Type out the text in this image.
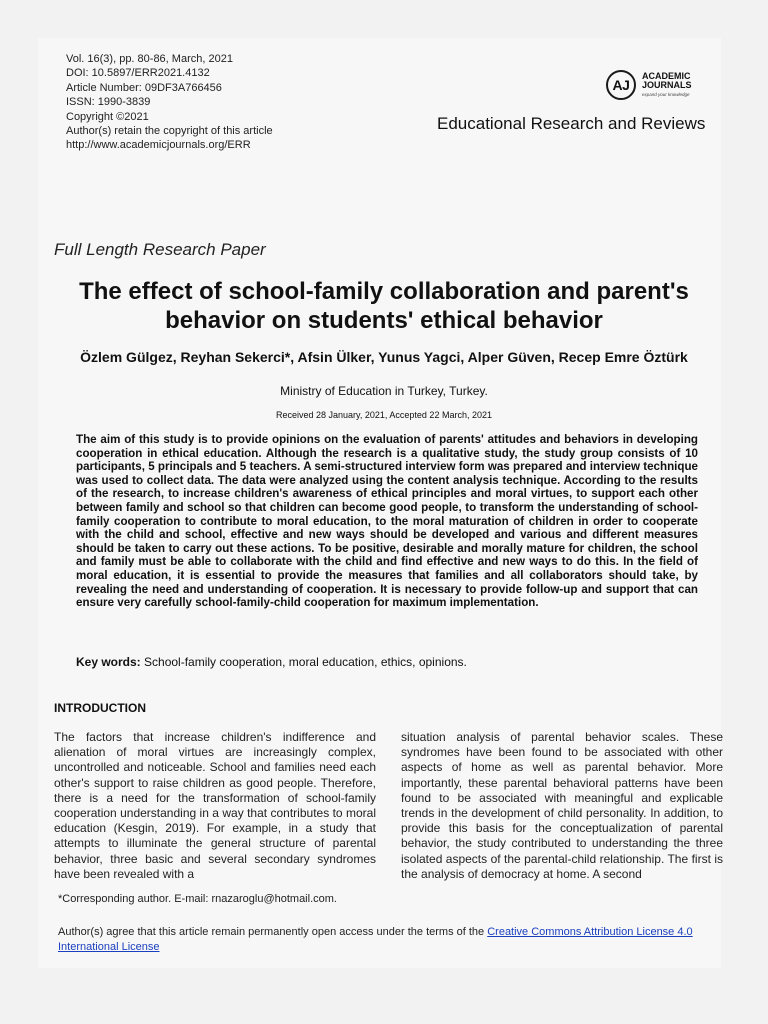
Vol. 16(3), pp. 80-86, March, 2021
DOI: 10.5897/ERR2021.4132
Article Number: 09DF3A766456
ISSN: 1990-3839
Copyright ©2021
Author(s) retain the copyright of this article
http://www.academicjournals.org/ERR
AJ
ACADEMIC
JOURNALS
expand your knowledge
Educational Research and Reviews
Full Length Research Paper
The effect of school-family collaboration and parent's behavior on students' ethical behavior
Özlem Gülgez, Reyhan Sekerci*, Afsin Ülker, Yunus Yagci, Alper Güven, Recep Emre Öztürk
Ministry of Education in Turkey, Turkey.
Received 28 January, 2021, Accepted 22 March, 2021
The aim of this study is to provide opinions on the evaluation of parents' attitudes and behaviors in developing cooperation in ethical education. Although the research is a qualitative study, the study group consists of 10 participants, 5 principals and 5 teachers. A semi-structured interview form was prepared and interview technique was used to collect data. The data were analyzed using the content analysis technique. According to the results of the research, to increase children's awareness of ethical principles and moral virtues, to support each other between family and school so that children can become good people, to transform the understanding of school-family cooperation to contribute to moral education, to the moral maturation of children in order to cooperate with the child and school, effective and new ways should be developed and various and different measures should be taken to carry out these actions. To be positive, desirable and morally mature for children, the school and family must be able to collaborate with the child and find effective and new ways to do this. In the field of moral education, it is essential to provide the measures that families and all collaborators should take, by revealing the need and understanding of cooperation. It is necessary to provide follow-up and support that can ensure very carefully school-family-child cooperation for maximum implementation.
Key words: School-family cooperation, moral education, ethics, opinions.
INTRODUCTION
The factors that increase children's indifference and alienation of moral virtues are increasingly complex, uncontrolled and noticeable. School and families need each other's support to raise children as good people. Therefore, there is a need for the transformation of school-family cooperation understanding in a way that contributes to moral education (Kesgin, 2019). For example, in a study that attempts to illuminate the general structure of parental behavior, three basic and several secondary syndromes have been revealed with a
situation analysis of parental behavior scales. These syndromes have been found to be associated with other aspects of home as well as parental behavior. More importantly, these parental behavioral patterns have been found to be associated with meaningful and explicable trends in the development of child personality. In addition, to provide this basis for the conceptualization of parental behavior, the study contributed to understanding the three isolated aspects of the parental-child relationship. The first is the analysis of democracy at home. A second
*Corresponding author. E-mail: rnazaroglu@hotmail.com.
Author(s) agree that this article remain permanently open access under the terms of the Creative Commons Attribution License 4.0 International License
